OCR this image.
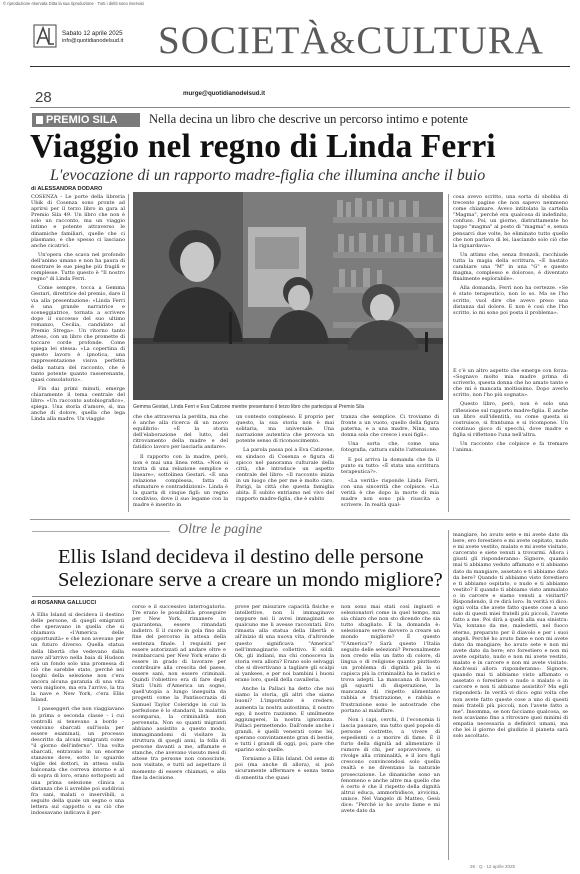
© riproduzione riservata Ditta la sua riproduzione · Tutti i diritti sono riservati
Sabato 12 aprile 2025
info@quotidianodelsud.it SOCIETÀ&CULTURA
28	murge@quotidianodelsud.it
PREMIO SILA Nella decina un libro che descrive un percorso intimo e potente
Viaggio nel regno di Linda Ferri
L'evocazione di un rapporto madre-figlia che illumina anche il buio
di ALESSANDRA DODARO
Gemma Gestari, Linda Ferri e Eva Catizone mentre presentano il terzo libro che partecipa al Premio Sila

COSENZA - Le porte della libreria Ubik di Cosenza sono pronte ad aprirsi per il terzo libro in gara al Premio Sila 49. Un libro che non è solo un racconto, ma un viaggio intimo e potente attraverso le dinamiche familiari, quelle che ci plasmano, e che spesso ci lasciano anche cicatrici.

Un'opera che scava nel profondo dell'animo umano e non ha paura di mostrare le sue pieghe più fragili e complesse. Tutto questo è "Il nostro regno" di Linda Ferri.

Come sempre, tocca a Gemma Gestari, direttrice del premio, dare il via alla presentazione: «Linda Ferri è una grande narratrice e sceneggiatrice, tornata a scrivere dopo il successo del suo ultimo romanzo, Cecilia, candidato al Premio Strega». Un ritorno tanto atteso, con un libro che promette di toccare corde profonde. Come spiega lei stessa: «La copertina di questo lavoro è ipnotica, una rappresentazione visiva perfetta della natura del racconto, che è tanto potente quanto rasserenante, quasi consolatorio».

Fin dai primi minuti, emerge chiaramente il tema centrale del libro: «Un racconto autobiografico», spiega. Una storia d'amore, sì, ma anche di dolore, quella che lega Linda alla madre. Un viaggio	che che attraversa la perdita, ma che è anche alla ricerca di un nuovo equilibrio: «È la storia dell'elaborazione del lutto, del ritrovamento della madre e del fatidico lavoro per lasciarla andare».

Il rapporto con la madre, però, non è mai una linea retta. «Non si tratta di una relazione semplice e lineare», sottolinea Gestari. «È una relazione complessa, fatta di sfumature e contraddizioni». Linda è la quarta di cinque figli: un regno condiviso, dove il suo legame con la madre è inserito in

un contesto complesso. E proprio per questo, la sua storia non è mai solitaria, ma universale. Una narrazione autentica che provoca un potente senso di riconoscimento.

La parola passa poi a Eva Catizone, ex sindaco di Cosenza e figura di spicco nel panorama culturale della città, che introduce un aspetto centrale del libro: «Il racconto inizia in un luogo che per me è molto caro, Parigi, la città che questa famiglia abita. È subito entriamo nel vivo del rapporto madre-figlia, che è subito

tranza che semplice. Ci troviamo di fronte a un vuoto, quello della figura paterna, e a una madre, Nina, una donna sola che cresce i suoi figli».

Una sorta che, come una fotografia, cattura subito l'attenzione.

E poi arriva la domanda che fa il punto su tutto: «È stata una scrittura terapeutica?».

«La verità» risponde Linda Ferri, con una sincerità che colpisce. «La verità è che dopo la morte di mia madre non sono più riuscita a scrivere. In realtà qual-

cosa avevo scritto, una sorta di sbobba di trecento pagine che non sapevo nemmeno come chiamare. Avevo intitolato la cartella "Magma", perché era qualcosa di indefinito, confuso. Poi, un giorno, distrattamente ho tappo "magma" al posto di "magma" e, senza pensarci due volte, ho eliminato tutto quello che non parlava di lei, lasciando solo ciò che la riguardava».

Un attimo che, senza fronzoli, racchiude tutta la magia della scrittura. «È bastato cambiare una "M" in una "G" e questo magma, complesso e doloroso, è diventato finalmente esplorabile».

Alla domanda, Ferri non ha certezze. «Se è stato terapeutico, non lo so. Ma se l'ho scritto, vuol dire che avevo preso una distanza dal dolore. E non è così che l'ho scritto, io mi sono poi posta il problema».

È c'è un altro aspetto che emerge con forza: «Sognavo molto mia madre prima di scriverlo, questa donna che ho amato tanto e che mi è mancata moltissimo. Dopo averlo scritto, non l'ho più sognata».

Questo libro, però, non è solo una riflessione sul rapporto madre-figlia. È anche un libro sull'identità, su come questa si costruisce, si frantuma e si ricompone. Un continuo gioco di specchi, dove madre e figlia si riflettono l'una nell'altra.

Un racconto che colpisce e fa tremare l'anima.

Oltre le pagine
Ellis Island decideva il destino delle persone
Selezionare serve a creare un mondo migliore?
di ROSANNA GALLUCCI

A Ellis Island si decideva il destino delle persone, di quegli emigranti che speravano in quella che si chiamava «l'America delle opportunità» e che non avevano per un futuro diverso. Quella statua della libertà che vedevano dalla nave all'arrivo nella baia di Hudson era un fondo solo una promessa di ciò che sarebbe stato, perché nei luoghi della selezione non c'era ancora alcuna garanzia di una vita vera migliore, ma era l'arrivo, la tra la nave e New York, c'era Ellis Island.

I passeggeri che non viaggiavano in prima o seconda classe - i cui controlli si tenevano a bordo - venivano sbarcati sull'isola per essere esaminati, un processo descritto da alcuni emigranti come "il giorno dell'inferno". Una volta sbarcati, entravano in un enorme stanzone dove, sotto lo sguardo vigile dei dottori, in attesa sulla balconata che correva intorno e al di sopra di loro, erano sottoposti ad una prima selezione clinica a distanza che li avrebbe poi suddivisi fra sani, malati o inservibili, a seguito della quale un segno o una lettera sul cappotto o su ciò che indossavano indicava il per-

corso e il successivo interrogatorio. Tre erano le possibilità: proseguire per New York, rimanere in quarantena, essere rimandati indietro. E il cuore in gola fino alla fine del percorso in attesa della sentenza finale. I requisiti per essere autorizzati ad andare oltre e reimbarcarsi per New York erano di essere in grado di lavorare per contribuire alla crescita del paese, essere sani, non essere criminali. Quindi l'obiettivo era di fare degli Stati Uniti d'America un sogno, quell'utopia a lungo inseguita da progetti come la Pantisocrazia di Samuel Taylor Coleridge in cui la perfezione è lo standard, la malattia scomparsa, la criminalità non pervenuta. Non so quanti migranti abbiano assistito a questo modo, immaginandomi di visitare la struttura di quegli anni, la folla di persone davanti a me, affamate e stanche, che avevano vissuto mesi di attese tra persone non conosciute, non visitate, e tutti ad aspettare il momento di essere chiamati, e alla fine la decisione.

prove per misurare capacità fisiche e intellettive, non li immaginavo neppure nei li avrei immaginati se qualcuno me li avesse raccontati. Ero rimasta alla statua della libertà e all'inizio di una nuova vita, d'altronde questo significava "America" nell'immaginario collettivo. E soldi. Ok, gli indiani, ma chi conosceva la storia vera allora? Erano solo selvaggi che si divertivano a tagliare gli scalpi ai yankees, e per noi bambini i buoni erano loro, quelli della cavalleria.

Anche la Pallaci ha detto che noi siamo la storia, gli altri che siamo buoni? L'importante è credere, aumenta la nostra autostima, il nostro ego, il nostro razzismo. E umilmente aggiungerei, la nostra ignoranza. Pallaci permettendo. Dall'onde anche i grandi, è quelli venerati come lei, sperano convintamente gran di bestie, e tutti i grandi di oggi, poi, pare che sparino solo quelle.

Torniamo a Ellis Island. Od seme di poi (ma anche di allora), si può sicuramente affermare e senza tema di smentita che quasi

non sono mai stati così ingiusti e selezionatori come in quel tempo, ma sia chiaro che non sto dicendo che sia tutto sbagliato. E la domanda è: selezionare serve davvero a creare un mondo migliore? È questo "l'America"? Sarà questo l'Italia seguito delle selezioni? Personalmente non credo ella un fatto di colore, di lingua o di religione quanto piuttosto un problema di dignità più la si capisca più la criminalità ha le radici e trova adepti. La mancanza di lavoro, gli squarti di disperazione, la mancanza di rispetto alimentano rabbia e frustrazione, e rabbia e frustrazione sono le autostrade che portano al malaffare.

Non i capi, cerchi, il l'economia li lascia passare, ma tutto quel popolo di persone costrette, a vivere di espedienti o a morire di fame. È il furto della dignità ad alimentare il rumore di chi, per sopravvivere, si rivolge alla criminalità, e il loro figli crescono convincendosi solo quella realtà e ne diventano la naturale prosecuzione. Le dinamiche sono un fenomeno e anche altre ma quello che è certo è che il rispetto della dignità altrui educa, ammorbidisce, avvicina, unisce. Nel Vangelo di Matteo, Gesù dice: "Perché io ho avuto fame e mi avete dato da

mangiare, ho avuto sete e mi avete dato da bere, ero forestiero e mi avete ospitato, nudo e mi avete vestito, malato e mi avete visitato, carcerato e siete venuti a trovarmi. Allora i giusti gli risponderanno: Signore, quando mai ti abbiamo veduto affamato e ti abbiamo dato da mangiare, assetato e ti abbiamo dato da bere? Quando ti abbiamo visto forestiero e ti abbiamo ospitato, o nudo e ti abbiamo vestito? E quando ti abbiamo visto ammalato o in carcere e siamo venuti a visitarti? Rispondendo, il re dirà loro: In verità vi dico: ogni volta che avete fatto queste cose a uno solo di questi miei fratelli più piccoli, l'avete fatto a me. Poi dirà a quelli alla sua sinistra: Via, lontano da me, maledetti, nel fuoco eterno, preparato per il diavolo e per i suoi angeli. Perché ho avuto fame e non mi avete dato da mangiare; ho avuto sete e non mi avete dato da bere; ero forestiero e non mi avete ospitato, nudo e non mi avete vestito, malato e in carcere e non mi avete visitato. Anch'essi allora risponderanno: Signore, quando mai ti abbiamo visto affamato o assetato o forestiero o nudo o malato o in carcere e non ti abbiamo assistito? Ma egli risponderà: In verità vi dico: ogni volta che non avete fatto queste cose a uno di questi miei fratelli più piccoli, non l'avete fatto a me". Insomma, se non facciamo qualcosa, se non scaviamo fino a ritrovare quei minimi di empatia necessaria a definirci umani, ma che lei il giorno del giudizio il pianeta sarà solo ascoltato.

28 · Q · 12 aprile 2025
